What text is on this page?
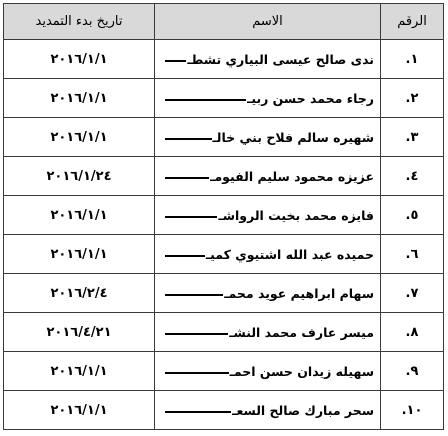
الرقم	الاسم	تاريخ بدء التمديد
١.	ندى صالح عيسى البياري تشطـ	٢٠١٦/١/١
٢.	رجاء محمد حسن ربيـ	٢٠١٦/١/١
٣.	شهيره سالم فلاح بني خالـ	٢٠١٦/١/١
٤.	عزيزه محمود سليم الفيومـ	٢٠١٦/١/٢٤
٥.	فايزه محمد بخيت الرواشـ	٢٠١٦/١/١
٦.	حميده عبد الله اشتيوي كميـ	٢٠١٦/١/١
٧.	سهام ابراهيم عويد محمـ	٢٠١٦/٢/٤
٨.	ميسر عارف محمد النشـ	٢٠١٦/٤/٢١
٩.	سهيله زيدان حسن احمـ	٢٠١٦/١/١
١٠.	سحر مبارك صالح السعـ	٢٠١٦/١/١
